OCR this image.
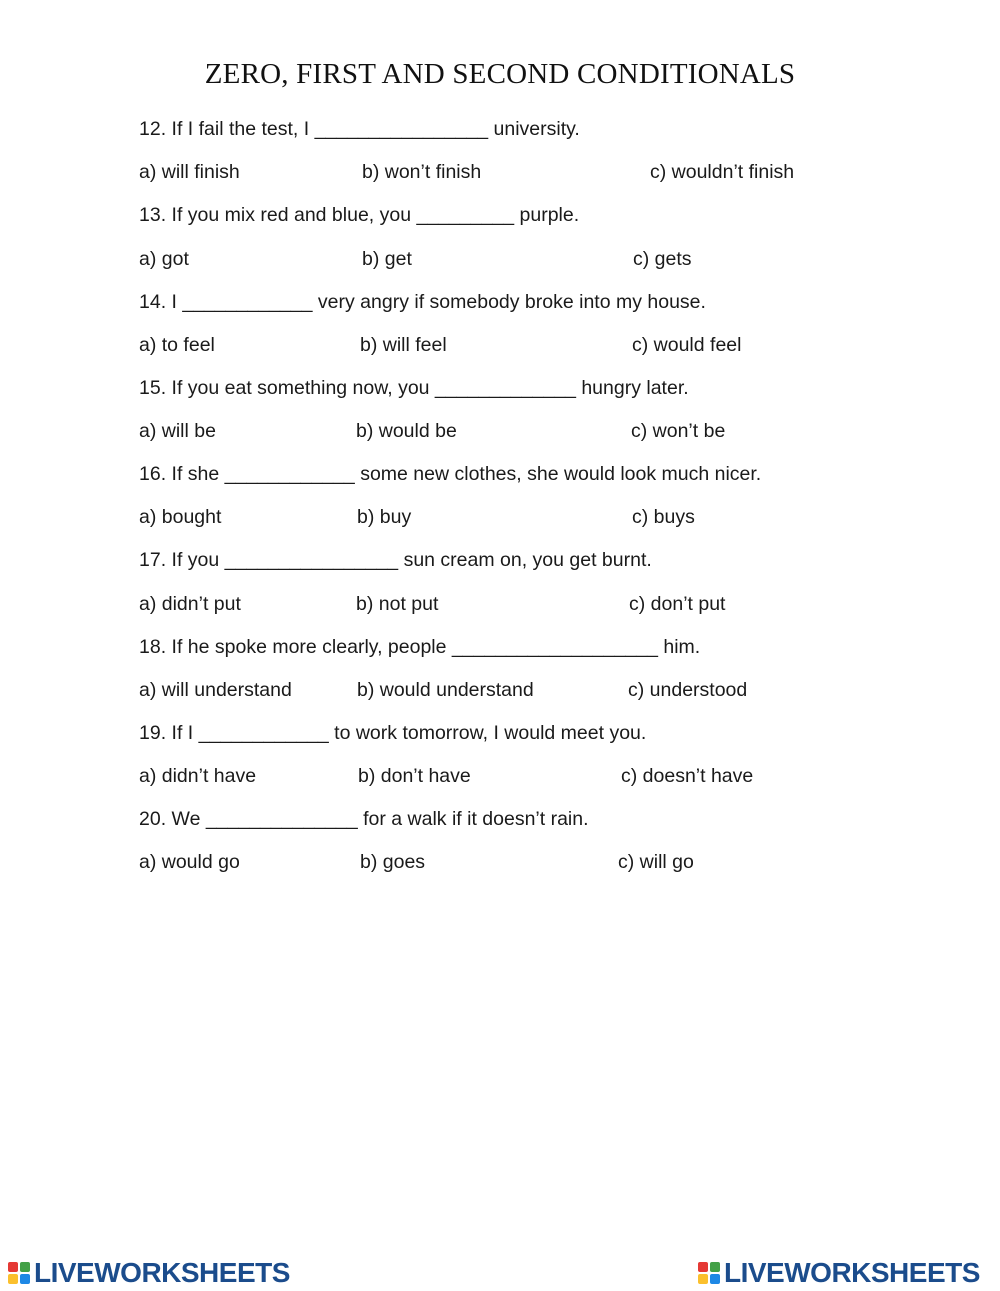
ZERO, FIRST AND SECOND CONDITIONALS
12. If I fail the test, I ________________ university.
a) will finish	b) won’t finish	c) wouldn’t finish
13. If you mix red and blue, you _________ purple.
a) got	b) get	c) gets
14. I ____________ very angry if somebody broke into my house.
a) to feel	b) will feel	c) would feel
15. If you eat something now, you _____________ hungry later.
a) will be	b) would be	c) won’t be
16. If she ____________ some new clothes, she would look much nicer.
a) bought	b) buy	c) buys
17. If you ________________ sun cream on, you get burnt.
a) didn’t put	b) not put	c) don’t put
18. If he spoke more clearly, people ___________________ him.
a) will understand	b) would understand	c) understood
19. If I ____________ to work tomorrow, I would meet you.
a) didn’t have	b) don’t have	c) doesn’t have
20. We ______________ for a walk if it doesn’t rain.
a) would go	b) goes	c) will go
LIVEWORKSHEETS	LIVEWORKSHEETS
